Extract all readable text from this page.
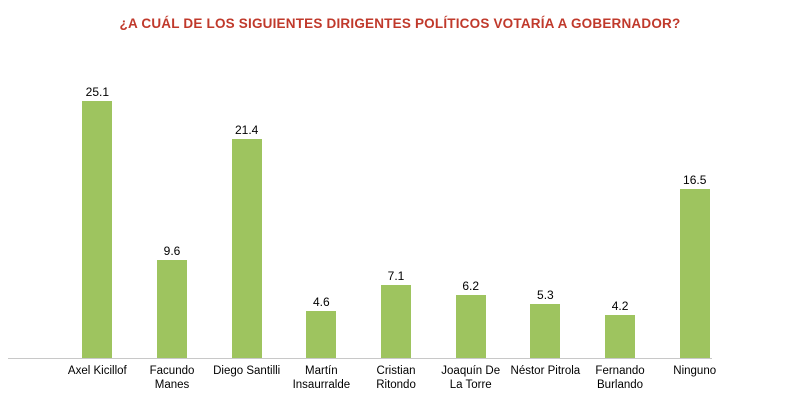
¿A CUÁL DE LOS SIGUIENTES DIRIGENTES POLÍTICOS VOTARÍA A GOBERNADOR?
25.1
9.6
21.4
4.6
7.1
6.2
5.3
4.2
16.5
Axel Kicillof	Facundo
Manes
Diego Santilli	Martín
Insaurralde
Cristian
Ritondo
Joaquín De
La Torre
Néstor Pitrola	Fernando
Burlando
Ninguno
